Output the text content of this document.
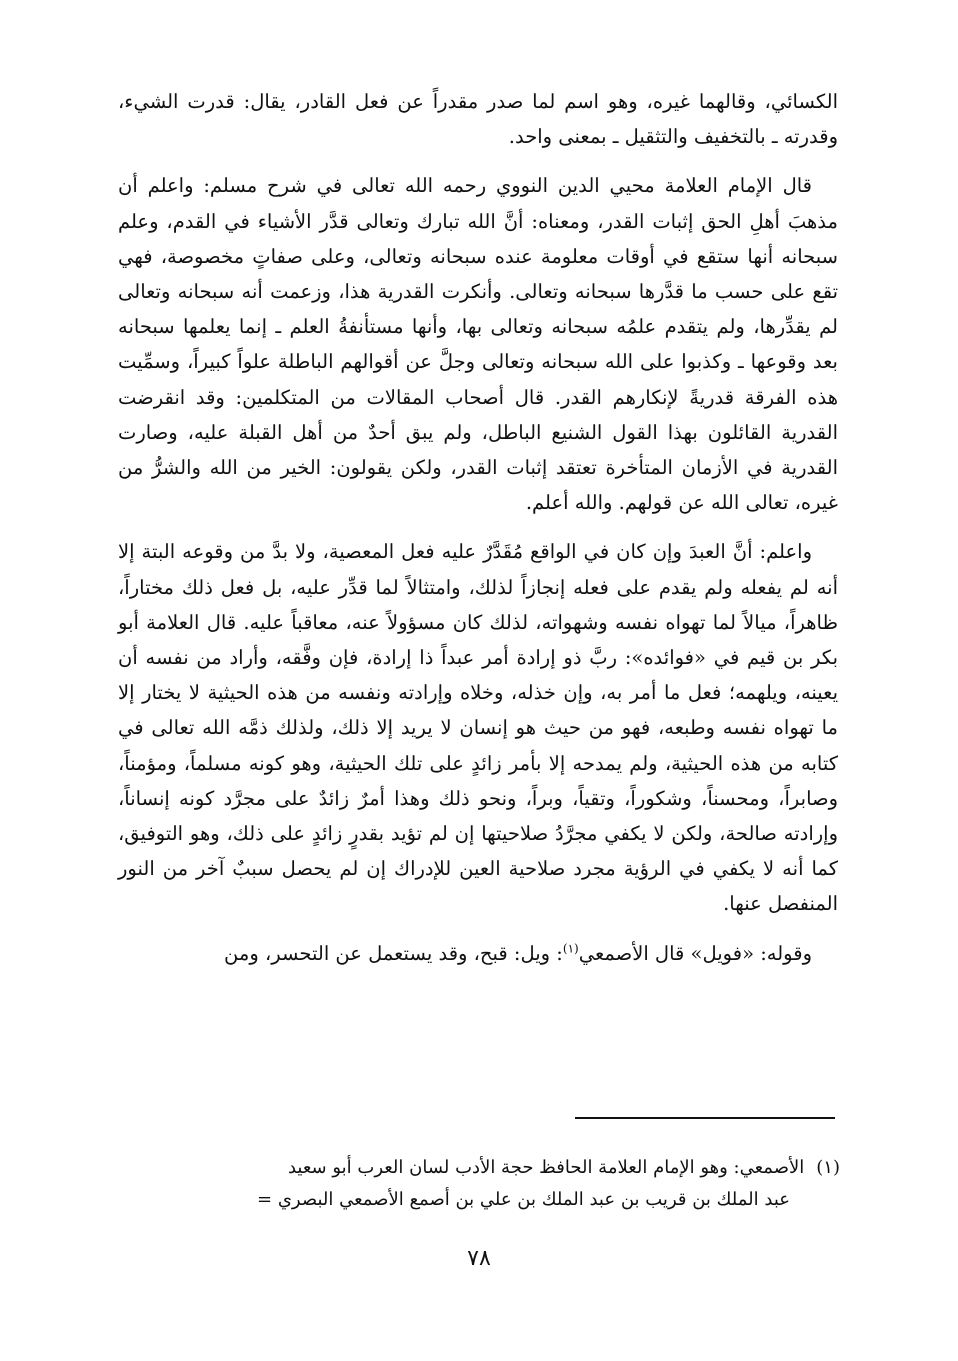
الكسائي، وقالهما غيره، وهو اسم لما صدر مقدراً عن فعل القادر، يقال: قدرت الشيء، وقدرته ـ بالتخفيف والتثقيل ـ بمعنى واحد.

قال الإمام العلامة محيي الدين النووي رحمه الله تعالى في شرح مسلم: واعلم أن مذهبَ أهلِ الحق إثبات القدر، ومعناه: أنَّ الله تبارك وتعالى قدَّر الأشياء في القدم، وعلم سبحانه أنها ستقع في أوقات معلومة عنده سبحانه وتعالى، وعلى صفاتٍ مخصوصة، فهي تقع على حسب ما قدَّرها سبحانه وتعالى. وأنكرت القدرية هذا، وزعمت أنه سبحانه وتعالى لم يقدِّرها، ولم يتقدم علمُه سبحانه وتعالى بها، وأنها مستأنفةُ العلم ـ إنما يعلمها سبحانه بعد وقوعها ـ وكذبوا على الله سبحانه وتعالى وجلَّ عن أقوالهم الباطلة علواً كبيراً، وسمِّيت هذه الفرقة قدريةً لإنكارهم القدر. قال أصحاب المقالات من المتكلمين: وقد انقرضت القدرية القائلون بهذا القول الشنيع الباطل، ولم يبق أحدٌ من أهل القبلة عليه، وصارت القدرية في الأزمان المتأخرة تعتقد إثبات القدر، ولكن يقولون: الخير من الله والشرُّ من غيره، تعالى الله عن قولهم. والله أعلم.

واعلم: أنَّ العبدَ وإن كان في الواقع مُقَدَّرٌ عليه فعل المعصية، ولا بدَّ من وقوعه البتة إلا أنه لم يفعله ولم يقدم على فعله إنجازاً لذلك، وامتثالاً لما قدِّر عليه، بل فعل ذلك مختاراً، ظاهراً، ميالاً لما تهواه نفسه وشهواته، لذلك كان مسؤولاً عنه، معاقباً عليه. قال العلامة أبو بكر بن قيم في «فوائده»: ربَّ ذو إرادة أمر عبداً ذا إرادة، فإن وفَّقه، وأراد من نفسه أن يعينه، ويلهمه؛ فعل ما أمر به، وإن خذله، وخلاه وإرادته ونفسه من هذه الحيثية لا يختار إلا ما تهواه نفسه وطبعه، فهو من حيث هو إنسان لا يريد إلا ذلك، ولذلك ذمَّه الله تعالى في كتابه من هذه الحيثية، ولم يمدحه إلا بأمر زائدٍ على تلك الحيثية، وهو كونه مسلماً، ومؤمناً، وصابراً، ومحسناً، وشكوراً، وتقياً، وبراً، ونحو ذلك وهذا أمرٌ زائدٌ على مجرَّد كونه إنساناً، وإرادته صالحة، ولكن لا يكفي مجرَّدُ صلاحيتها إن لم تؤيد بقدرٍ زائدٍ على ذلك، وهو التوفيق، كما أنه لا يكفي في الرؤية مجرد صلاحية العين للإدراك إن لم يحصل سببٌ آخر من النور المنفصل عنها.

وقوله: «فويل» قال الأصمعي$^{(١)}$: ويل: قبح، وقد يستعمل عن التحسر، ومن

(١)الأصمعي: وهو الإمام العلامة الحافظ حجة الأدب لسان العرب أبو سعيد
عبد الملك بن قريب بن عبد الملك بن علي بن أصمع الأصمعي البصري =
٧٨
